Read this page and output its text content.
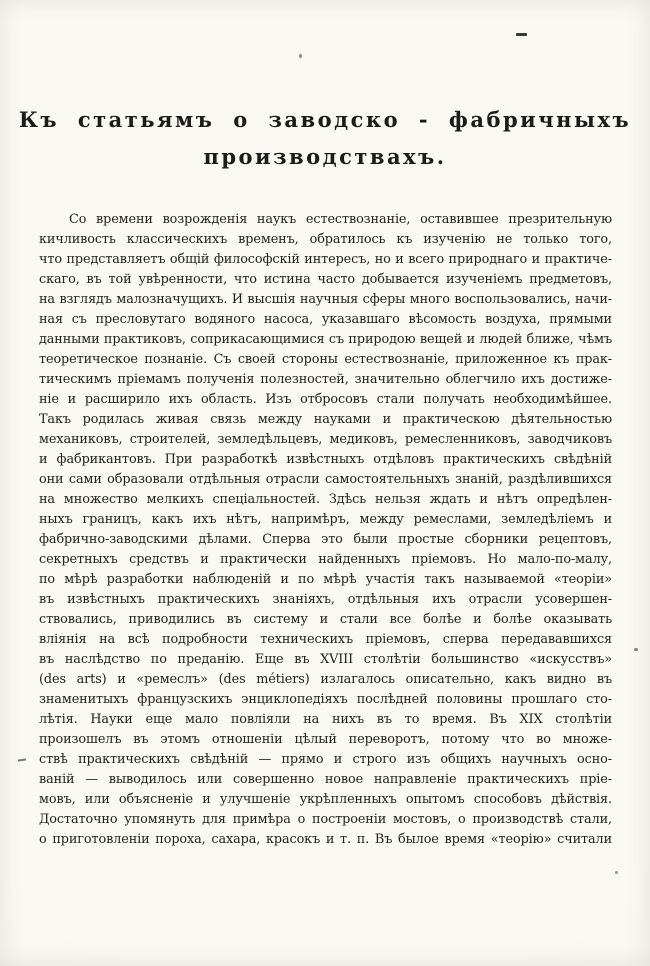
Къ статьямъ о заводско - фабричныхъ
производствахъ.
Со времени возрожденія наукъ естествознаніе, оставившее презрительную
кичливость классическихъ временъ, обратилось къ изученію не только того,
что представляетъ общій философскій интересъ, но и всего природнаго и практиче-
скаго, въ той увѣренности, что истина часто добывается изученіемъ предметовъ,
на взглядъ малозначущихъ. И высшія научныя сферы много воспользовались, начи-
ная съ пресловутаго водяного насоса, указавшаго вѣсомость воздуха, прямыми
данными практиковъ, соприкасающимися съ природою вещей и людей ближе, чѣмъ
теоретическое познаніе. Съ своей стороны естествознаніе, приложенное къ прак-
тическимъ пріемамъ полученія полезностей, значительно облегчило ихъ достиже-
ніе и расширило ихъ область. Изъ отбросовъ стали получать необходимѣйшее.
Такъ родилась живая связь между науками и практическою дѣятельностью
механиковъ, строителей, земледѣльцевъ, медиковъ, ремесленниковъ, заводчиковъ
и фабрикантовъ. При разработкѣ извѣстныхъ отдѣловъ практическихъ свѣдѣній
они сами образовали отдѣльныя отрасли самостоятельныхъ знаній, раздѣлившихся
на множество мелкихъ спеціальностей. Здѣсь нельзя ждать и нѣтъ опредѣлен-
ныхъ границъ, какъ ихъ нѣтъ, напримѣръ, между ремеслами, земледѣліемъ и
фабрично-заводскими дѣлами. Сперва это были простые сборники рецептовъ,
секретныхъ средствъ и практически найденныхъ пріемовъ. Но мало-по-малу,
по мѣрѣ разработки наблюденій и по мѣрѣ участія такъ называемой «теоріи»
въ извѣстныхъ практическихъ знаніяхъ, отдѣльныя ихъ отрасли усовершен-
ствовались, приводились въ систему и стали все болѣе и болѣе оказывать
вліянія на всѣ подробности техническихъ пріемовъ, сперва передававшихся
въ наслѣдство по преданію. Еще въ XVIII столѣтіи большинство «искусствъ»
(des arts) и «ремеслъ» (des métiers) излагалось описательно, какъ видно въ
знаменитыхъ французскихъ энциклопедіяхъ послѣдней половины прошлаго сто-
лѣтія. Науки еще мало повліяли на нихъ въ то время. Въ XIX столѣтіи
произошелъ въ этомъ отношеніи цѣлый переворотъ, потому что во множе-
ствѣ практическихъ свѣдѣній — прямо и строго изъ общихъ научныхъ осно-
ваній — выводилось или совершенно новое направленіе практическихъ пріе-
мовъ, или объясненіе и улучшеніе укрѣпленныхъ опытомъ способовъ дѣйствія.
Достаточно упомянуть для примѣра о построеніи мостовъ, о производствѣ стали,
о приготовленіи пороха, сахара, красокъ и т. п. Въ былое время «теорію» считали
